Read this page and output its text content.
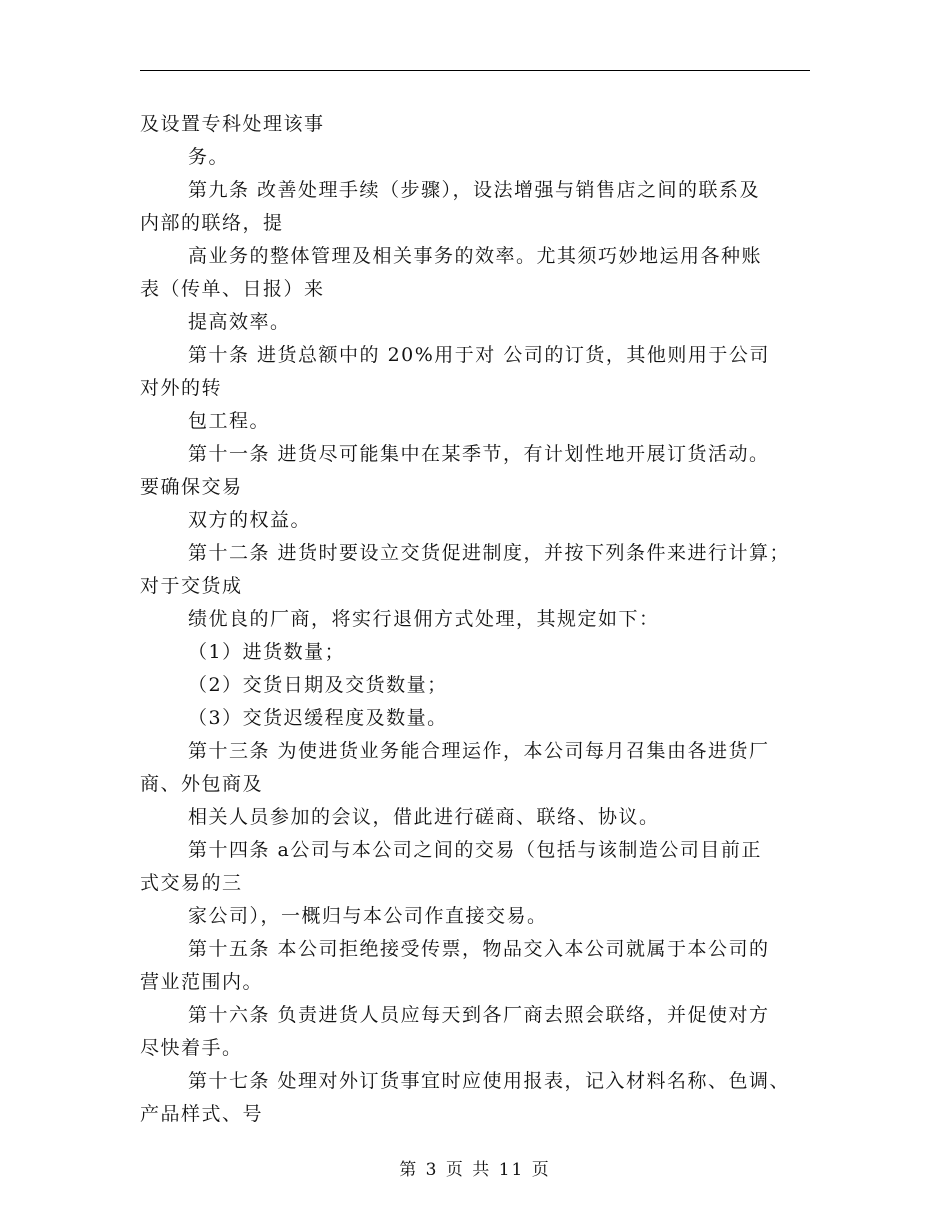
及设置专科处理该事
务。
第九条 改善处理手续（步骤），设法增强与销售店之间的联系及
内部的联络，提
高业务的整体管理及相关事务的效率。尤其须巧妙地运用各种账
表（传单、日报）来
提高效率。
第十条 进货总额中的 20%用于对 公司的订货，其他则用于公司
对外的转
包工程。
第十一条 进货尽可能集中在某季节，有计划性地开展订货活动。
要确保交易
双方的权益。
第十二条 进货时要设立交货促进制度，并按下列条件来进行计算；
对于交货成
绩优良的厂商，将实行退佣方式处理，其规定如下：
（1）进货数量；
（2）交货日期及交货数量；
（3）交货迟缓程度及数量。
第十三条 为使进货业务能合理运作，本公司每月召集由各进货厂
商、外包商及
相关人员参加的会议，借此进行磋商、联络、协议。
第十四条 a公司与本公司之间的交易（包括与该制造公司目前正
式交易的三
家公司），一概归与本公司作直接交易。
第十五条 本公司拒绝接受传票，物品交入本公司就属于本公司的
营业范围内。
第十六条 负责进货人员应每天到各厂商去照会联络，并促使对方
尽快着手。
第十七条 处理对外订货事宜时应使用报表，记入材料名称、色调、
产品样式、号
第 3 页 共 11 页
